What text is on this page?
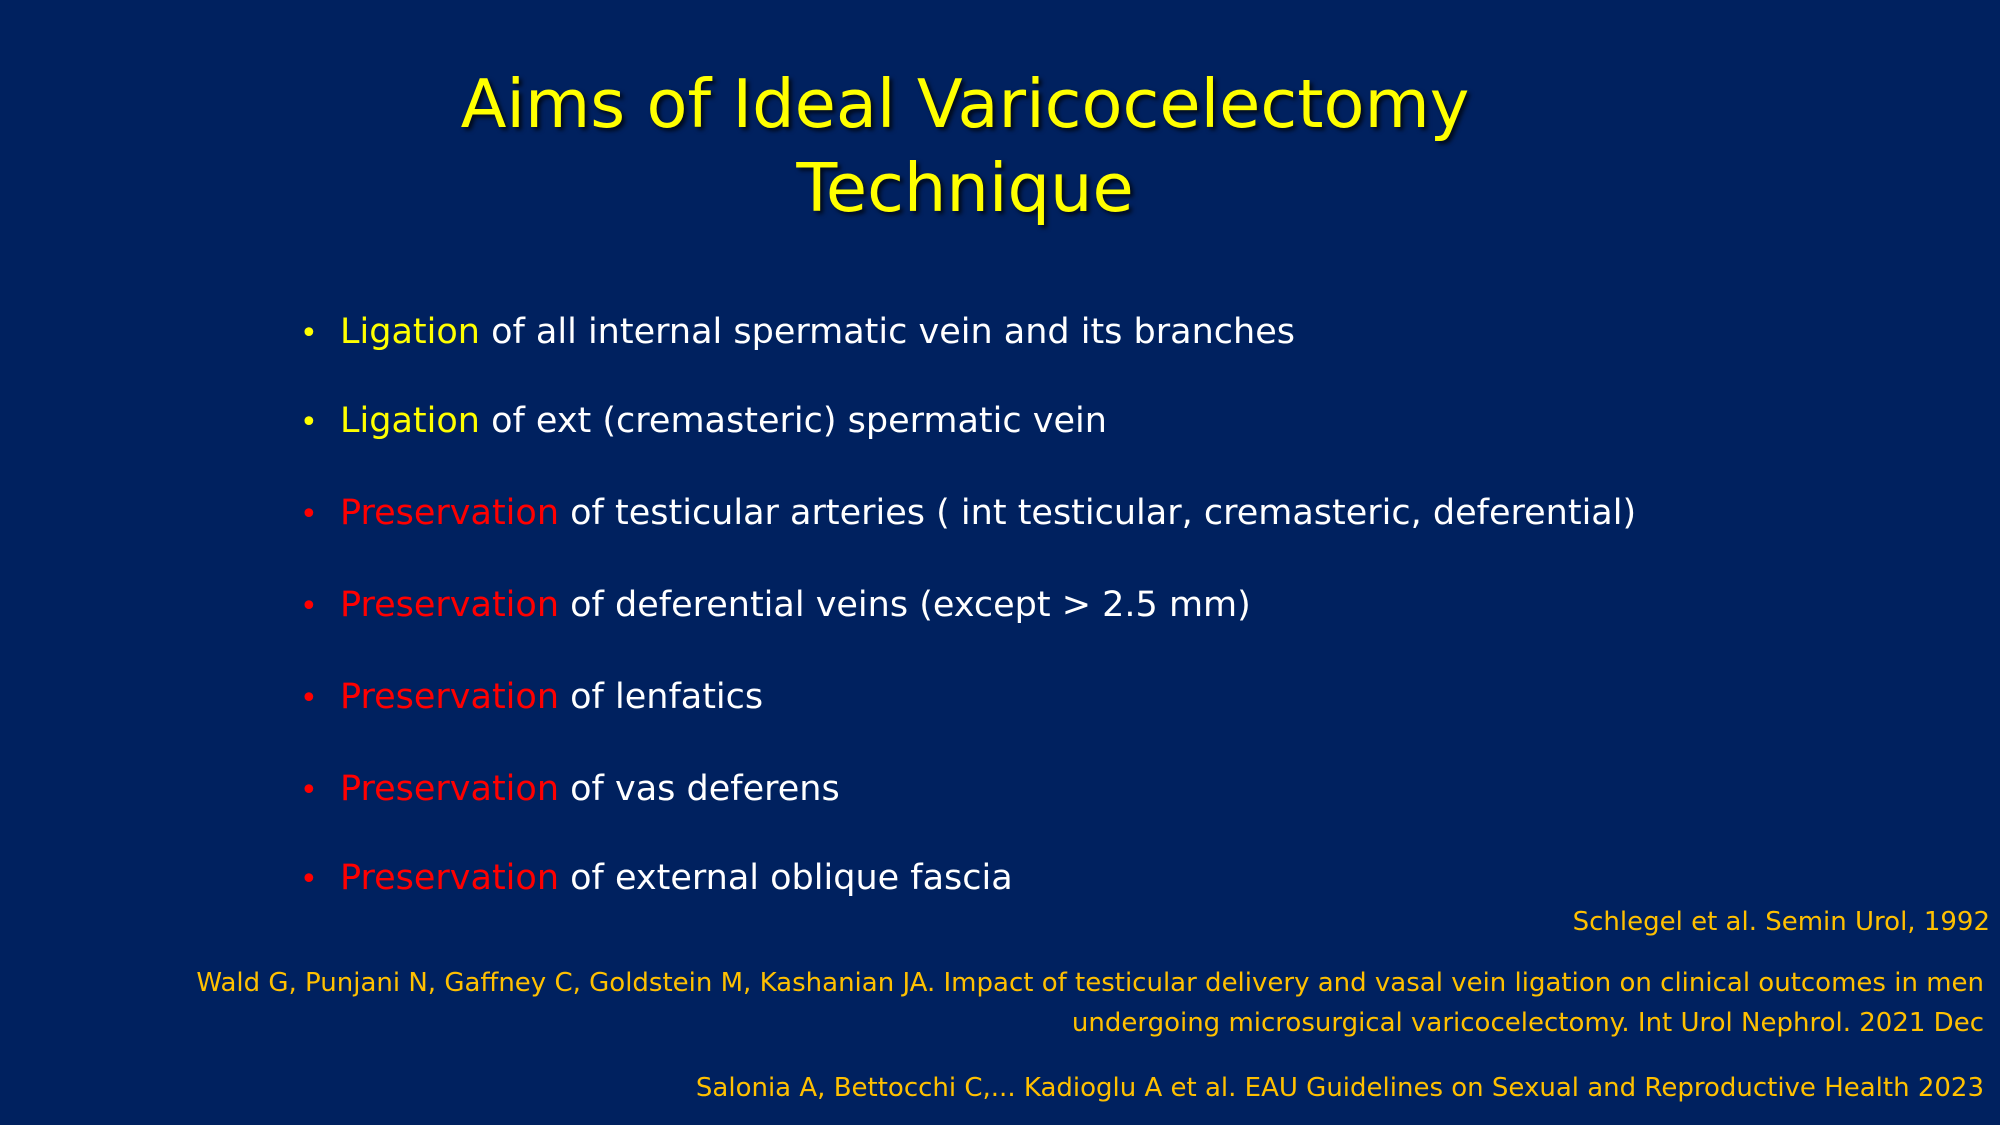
Aims of Ideal Varicocelectomy
Technique
• Ligation of all internal spermatic vein and its branches
• Ligation of ext (cremasteric) spermatic vein
• Preservation of testicular arteries ( int testicular, cremasteric, deferential)
• Preservation of deferential veins (except > 2.5 mm)
• Preservation of lenfatics
• Preservation of vas deferens
• Preservation of external oblique fascia
Schlegel et al. Semin Urol, 1992
Wald G, Punjani N, Gaffney C, Goldstein M, Kashanian JA. Impact of testicular delivery and vasal vein ligation on clinical outcomes in men
undergoing microsurgical varicocelectomy. Int Urol Nephrol. 2021 Dec
Salonia A, Bettocchi C,... Kadioglu A et al. EAU Guidelines on Sexual and Reproductive Health 2023
